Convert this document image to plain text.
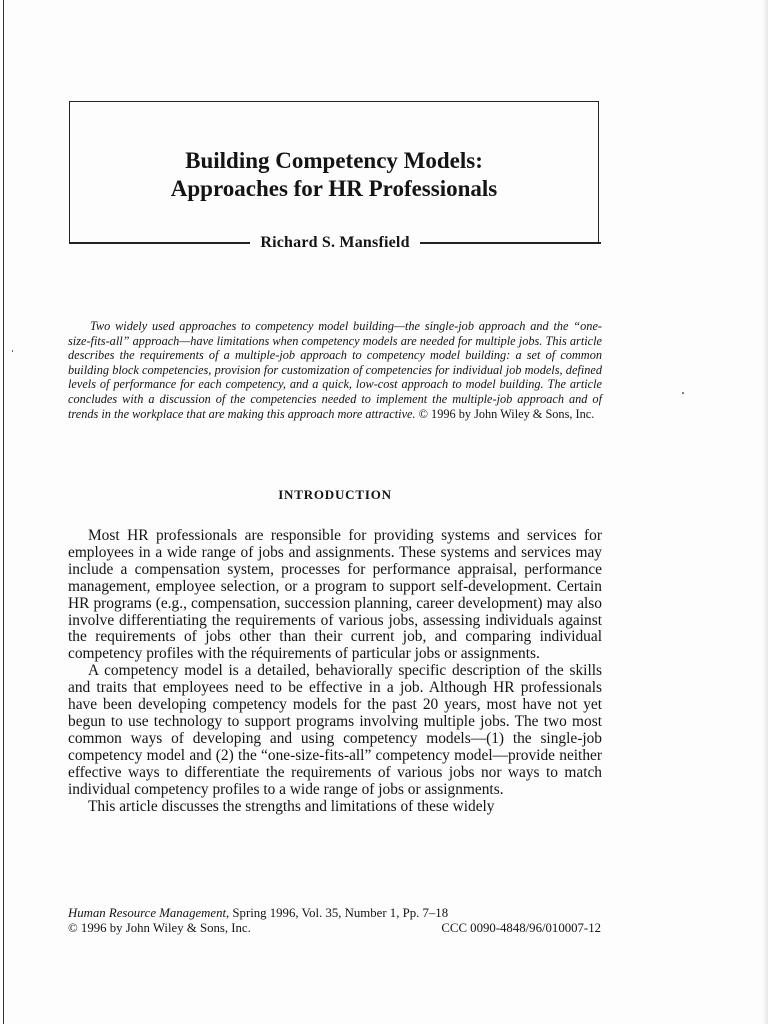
Building Competency Models:
Approaches for HR Professionals
Richard S. Mansfield
Two widely used approaches to competency model building—the single-job approach and the “one-size-fits-all” approach—have limitations when competency models are needed for multiple jobs. This article describes the requirements of a multiple-job approach to competency model building: a set of common building block competencies, provision for customization of competencies for individual job models, defined levels of performance for each competency, and a quick, low-cost approach to model building. The article concludes with a discussion of the competencies needed to implement the multiple-job approach and of trends in the workplace that are making this approach more attractive. © 1996 by John Wiley & Sons, Inc.
INTRODUCTION

Most HR professionals are responsible for providing systems and services for employees in a wide range of jobs and assignments. These systems and services may include a compensation system, processes for performance appraisal, performance management, employee selection, or a program to support self-development. Certain HR programs (e.g., compensation, succession planning, career development) may also involve differentiating the requirements of various jobs, assessing individuals against the requirements of jobs other than their current job, and comparing individual competency profiles with the réquirements of particular jobs or assignments.

A competency model is a detailed, behaviorally specific description of the skills and traits that employees need to be effective in a job. Although HR professionals have been developing competency models for the past 20 years, most have not yet begun to use technology to support programs involving multiple jobs. The two most common ways of developing and using competency models—(1) the single-job competency model and (2) the “one-size-fits-all” competency model—provide neither effective ways to differentiate the requirements of various jobs nor ways to match individual competency profiles to a wide range of jobs or assignments.

This article discusses the strengths and limitations of these widely

Human Resource Management, Spring 1996, Vol. 35, Number 1, Pp. 7–18
© 1996 by John Wiley & Sons, Inc.	CCC 0090-4848/96/010007-12
